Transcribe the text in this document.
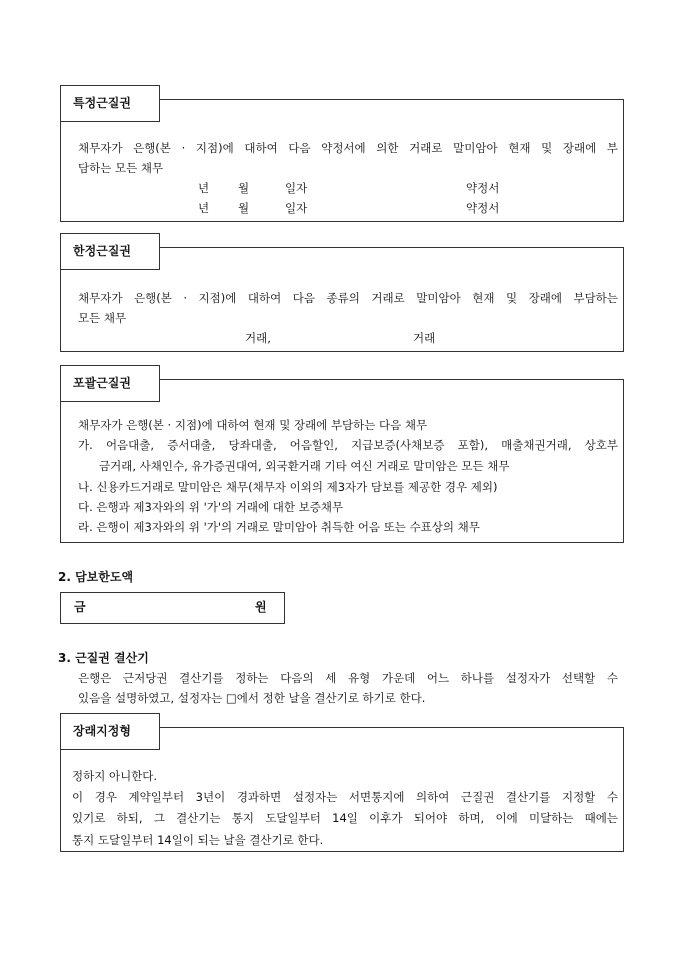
특정근질권
채무자가 은행(본 · 지점)에 대하여 다음 약정서에 의한 거래로 말미암아 현재 및 장래에 부
담하는 모든 채무
년	월	일자	약정서
년	월	일자	약정서
한정근질권
채무자가 은행(본 · 지점)에 대하여 다음 종류의 거래로 말미암아 현재 및 장래에 부담하는
모든 채무
거래,	거래
포괄근질권
채무자가 은행(본 · 지점)에 대하여 현재 및 장래에 부담하는 다음 채무
가. 어음대출, 증서대출, 당좌대출, 어음할인, 지급보증(사채보증 포함), 매출채권거래, 상호부
금거래, 사채인수, 유가증권대여, 외국환거래 기타 여신 거래로 말미암은 모든 채무
나. 신용카드거래로 말미암은 채무(채무자 이외의 제3자가 담보를 제공한 경우 제외)
다. 은행과 제3자와의 위 '가'의 거래에 대한 보증채무
라. 은행이 제3자와의 위 '가'의 거래로 말미암아 취득한 어음 또는 수표상의 채무
2. 담보한도액
금	원
3. 근질권 결산기
은행은 근저당권 결산기를 정하는 다음의 세 유형 가운데 어느 하나를 설정자가 선택할 수
있음을 설명하였고, 설정자는 □에서 정한 날을 결산기로 하기로 한다.
장래지정형
정하지 아니한다.
이 경우 계약일부터 3년이 경과하면 설정자는 서면통지에 의하여 근질권 결산기를 지정할 수
있기로 하되, 그 결산기는 통지 도달일부터 14일 이후가 되어야 하며, 이에 미달하는 때에는
통지 도달일부터 14일이 되는 날을 결산기로 한다.
